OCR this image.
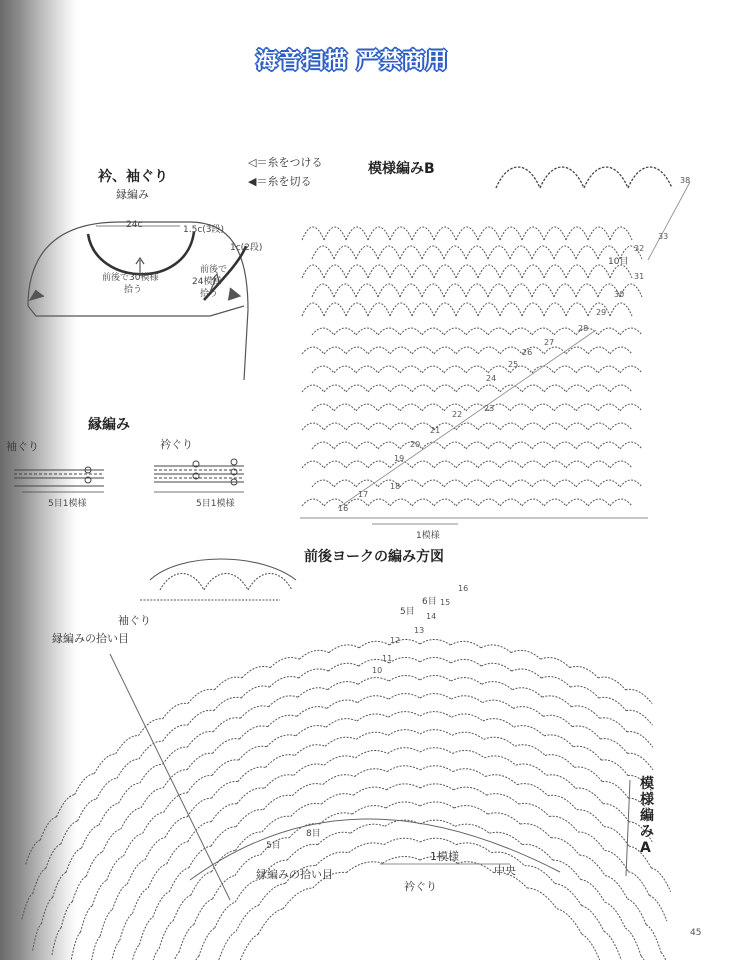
海音扫描 严禁商用
◁＝糸をつける
◀＝糸を切る
衿、袖ぐり
縁編み
24c	1.5c(3段)
1c(2段)
前後で30模様
拾う
前後で
24模様
拾う
縁編み
袖ぐり	衿ぐり
5目1模様	5目1模様
模様編みB
1模様
10目
38
33
32
31
30
29
28
27
26
25
24
23
22
21
20
19
18
17
16
前後ヨークの編み方図
袖ぐり
縁編みの拾い目
縁編みの拾い目
1模様
中央
衿ぐり
6目
5目
8目
5目
16
15
14
13
12
11
10
模様編みA
45
